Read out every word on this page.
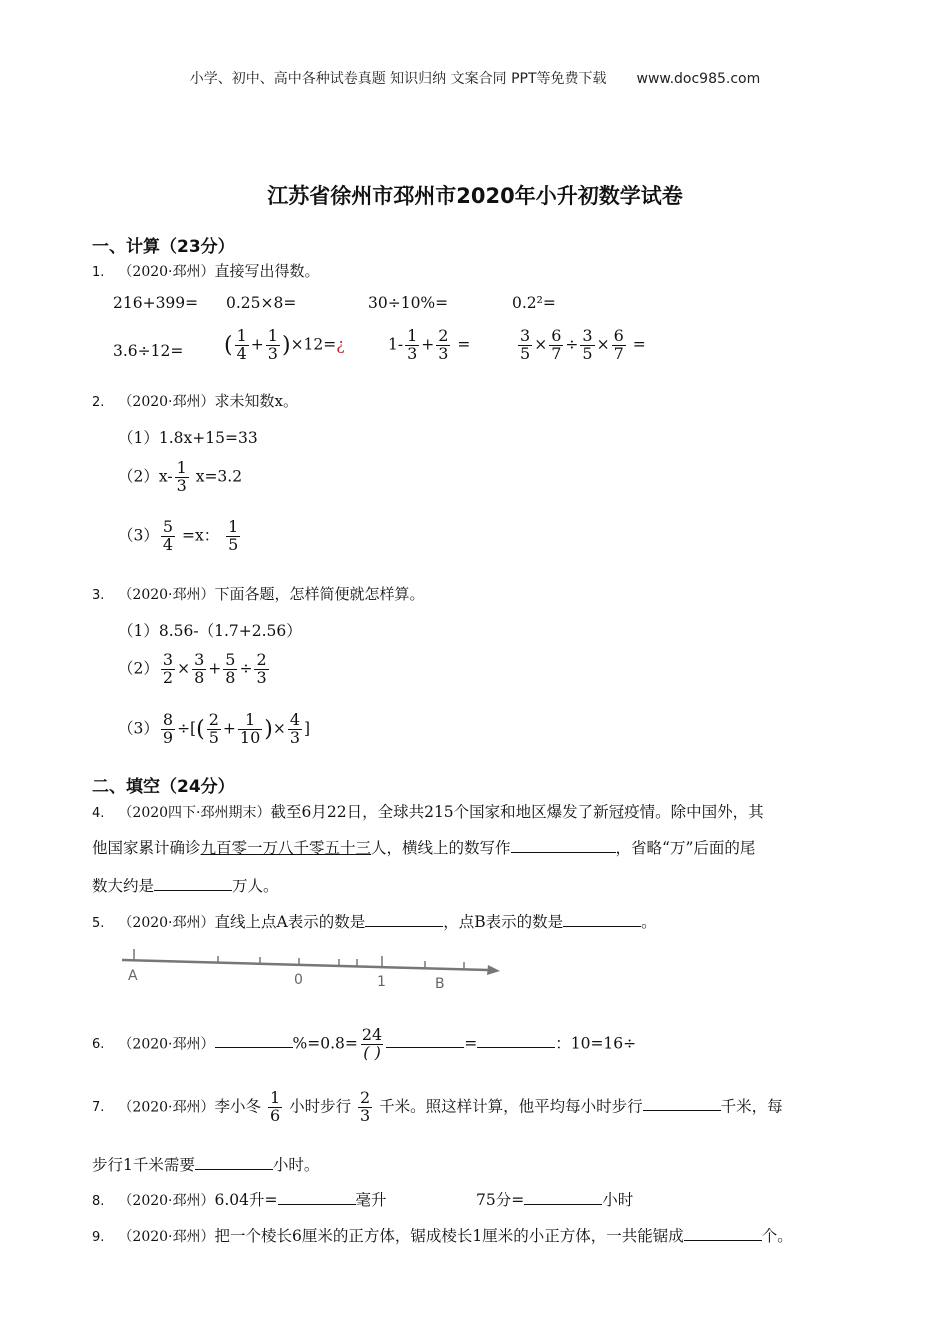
小学、初中、高中各种试卷真题 知识归纳 文案合同 PPT等免费下载 www.doc985.com
江苏省徐州市邳州市2020年小升初数学试卷
一、计算（23分）
1. （2020·邳州）直接写出得数。
216+399= 0.25×8=	30÷10%=	0.2²=
3.6÷12= ( $\frac{1}{4} + \frac{1}{3}$ )×12=¿	$1- \frac{1}{3} + \frac{2}{3}$ =	$\frac{3}{5} \times \frac{6}{7} \div \frac{3}{5} \times \frac{6}{7}$ =
2. （2020·邳州）求未知数x。
（1）1.8x+15=33
$(2)x- \frac{1}{3} x=3.2$
$(3) \frac{5}{4} =x$： $\frac{1}{5}$
3. （2020·邳州）下面各题，怎样简便就怎样算。
（1）8.56-（1.7+2.56）
$(2) \frac{3}{2} \times \frac{3}{8} + \frac{5}{8} \div \frac{2}{3}$
$(3) \frac{8}{9}$ ÷[( $\frac{2}{5} + \frac{1}{10}$ )× $\frac{4}{3}$ ]
二、填空（24分）
4. （2020四下·邳州期末）截至6月22日，全球共215个国家和地区爆发了新冠疫情。除中国外，其
他国家累计确诊九百零一万八千零五十三人，横线上的数写作	，省略“万”后面的尾
数大约是	万人。
5. （2020·邳州）直线上点A表示的数是	，点B表示的数是	。
A	0	1	B
6. （2020·邳州）	$\%=0.8= \frac{24}{( )}$	=	：10=16÷
7. （2020·邳州）李小冬 $\frac{1}{6}$ 小时步行 $\frac{2}{3}$ 千米。照这样计算，他平均每小时步行	千米，每
步行1千米需要	小时。
8. （2020·邳州）6.04升=	毫升	75分=	小时
9. （2020·邳州）把一个棱长6厘米的正方体，锯成棱长1厘米的小正方体，一共能锯成	个。
